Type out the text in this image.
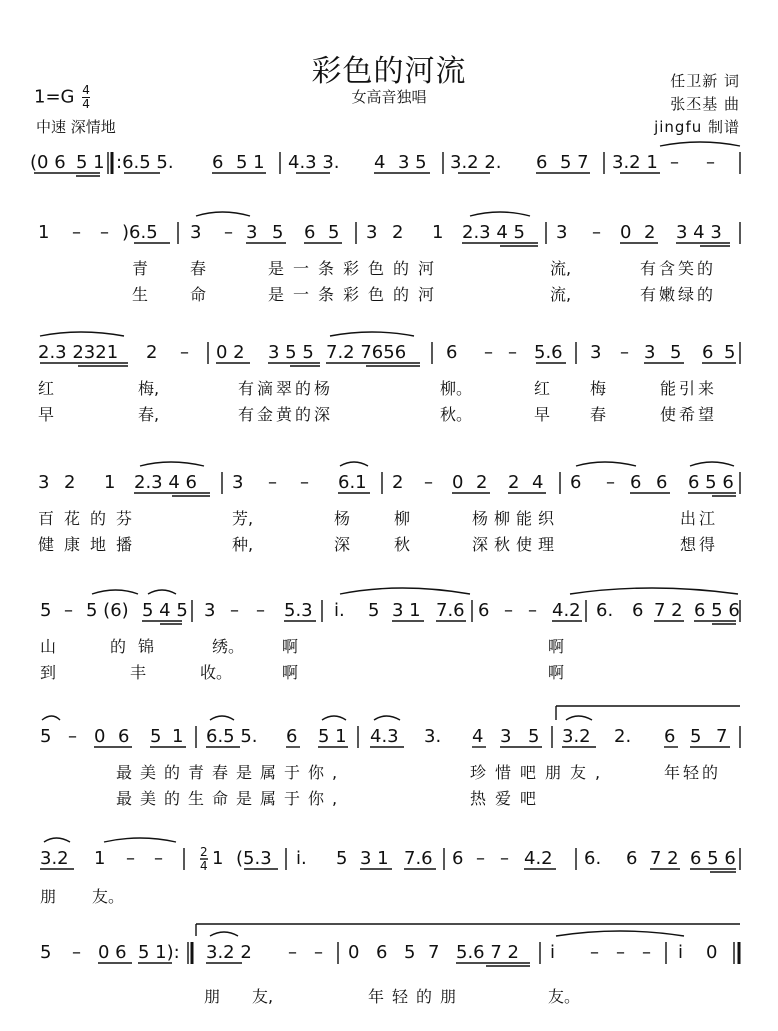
彩色的河流
女高音独唱
$1=G \frac{4}{4}$
中速 深情地
任卫新 词
张丕基 曲
jingfu 制谱
(0 6 5 1 :6.5 5. 6 5 1 4.3 3. 4 3 5 3.2 2. 6 5 7 3.2 1 – –
1 – – )6.5 3 – 3 5 6 5 3 2 1 2.3 4 5 3 – 0 2 3 4 3
青	春	是一条彩色的河	流,	有含笑的
生	命	是一条彩色的河	流,	有嫩绿的
2.3 2321 2 – 0 2 3 5 5 7.2 7656 6 – – 5.6 3 – 3 5 6 5
红	梅,	有滴翠的杨	柳。	红 梅	能引来
早	春,	有金黄的深	秋。	早 春	使希望
3 2 1 2.3 4 6 3 – – 6.1 2 – 0 2 2 4 6 – 6 6 6 5 6
百花的芬	芳,	杨	柳	杨柳能织	出江
健康地播	种,	深	秋	深秋使理	想得
5 – 5 (6) 5 4 5 3 – – 5.3 i. 5 3 1 7.6 6 – – 4.2 6. 6 7 2 6 5 6
山	的锦	绣。 啊	啊
到	丰	收。	啊	啊
5 – 0 6 5 1 6.5 5. 6 5 1 4.3 3. 4 3 5 3.2 2. 6 5 7
最美的青春是属于你,	珍惜吧朋友,	年轻的
最美的生命是属于你,	热爱吧
3.2 1 – –	2
4 1 (5.3 i. 5 3 1 7.6 6 – – 4.2 6. 6 7 2 6 5 6
朋 友。
5 – 0 6 5 1): 3.2 2 – – 0 6 5 7 5.6 7 2 i – – – i 0
朋 友,	年轻的朋	友。
